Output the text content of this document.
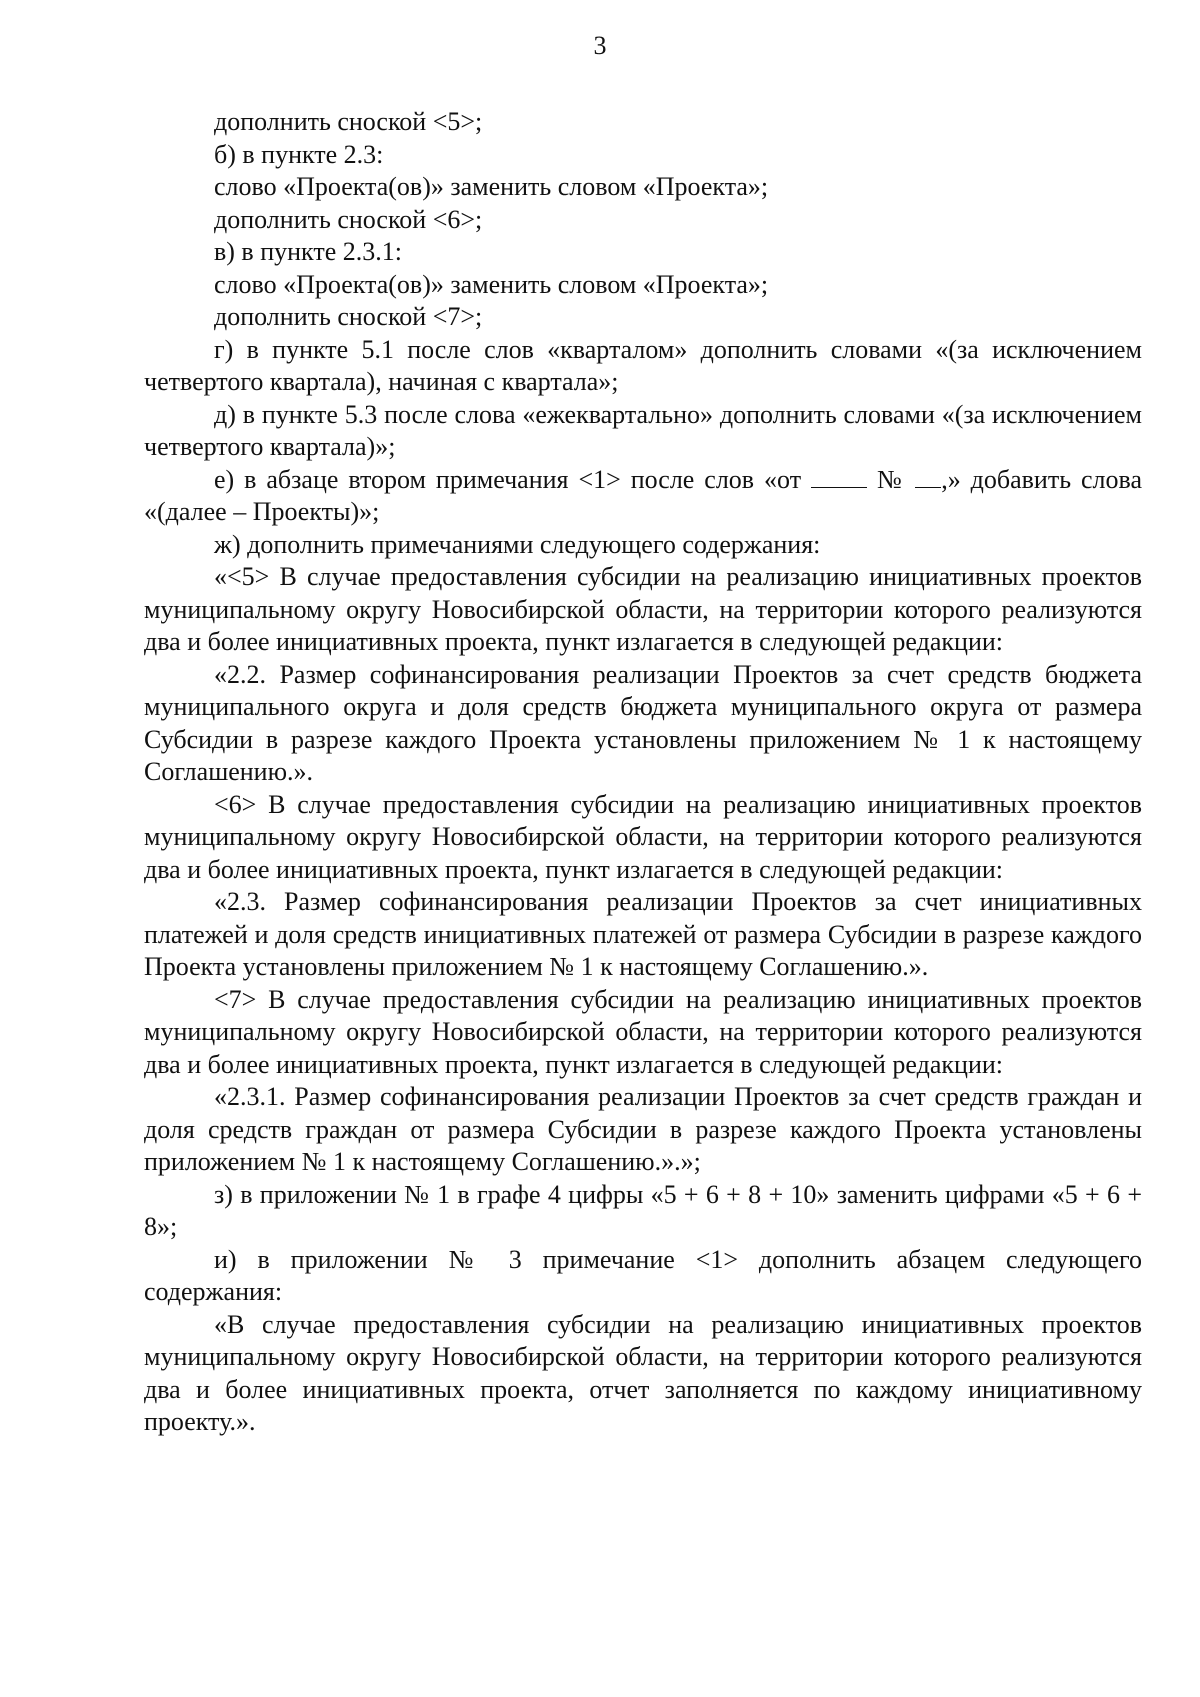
3

дополнить сноской <5>;

б) в пункте 2.3:

слово «Проекта(ов)» заменить словом «Проекта»;

дополнить сноской <6>;

в) в пункте 2.3.1:

слово «Проекта(ов)» заменить словом «Проекта»;

дополнить сноской <7>;

г) в пункте 5.1 после слов «кварталом» дополнить словами «(за исключением четвертого квартала), начиная с квартала»;

д) в пункте 5.3 после слова «ежеквартально» дополнить словами «(за исключением четвертого квартала)»;

е) в абзаце втором примечания <1> после слов «от  № ,» добавить слова «(далее – Проекты)»;

ж) дополнить примечаниями следующего содержания:

«<5> В случае предоставления субсидии на реализацию инициативных проектов муниципальному округу Новосибирской области, на территории которого реализуются два и более инициативных проекта, пункт излагается в следующей редакции:

«2.2. Размер софинансирования реализации Проектов за счет средств бюджета муниципального округа и доля средств бюджета муниципального округа от размера Субсидии в разрезе каждого Проекта установлены приложением № 1 к настоящему Соглашению.».

<6> В случае предоставления субсидии на реализацию инициативных проектов муниципальному округу Новосибирской области, на территории которого реализуются два и более инициативных проекта, пункт излагается в следующей редакции:

«2.3. Размер софинансирования реализации Проектов за счет инициативных платежей и доля средств инициативных платежей от размера Субсидии в разрезе каждого Проекта установлены приложением № 1 к настоящему Соглашению.».

<7> В случае предоставления субсидии на реализацию инициативных проектов муниципальному округу Новосибирской области, на территории которого реализуются два и более инициативных проекта, пункт излагается в следующей редакции:

«2.3.1. Размер софинансирования реализации Проектов за счет средств граждан и доля средств граждан от размера Субсидии в разрезе каждого Проекта установлены приложением № 1 к настоящему Соглашению.».»;

з) в приложении № 1 в графе 4 цифры «5 + 6 + 8 + 10» заменить цифрами «5 + 6 + 8»;

и) в приложении № 3 примечание <1> дополнить абзацем следующего содержания:

«В случае предоставления субсидии на реализацию инициативных проектов муниципальному округу Новосибирской области, на территории которого реализуются два и более инициативных проекта, отчет заполняется по каждому инициативному проекту.».
